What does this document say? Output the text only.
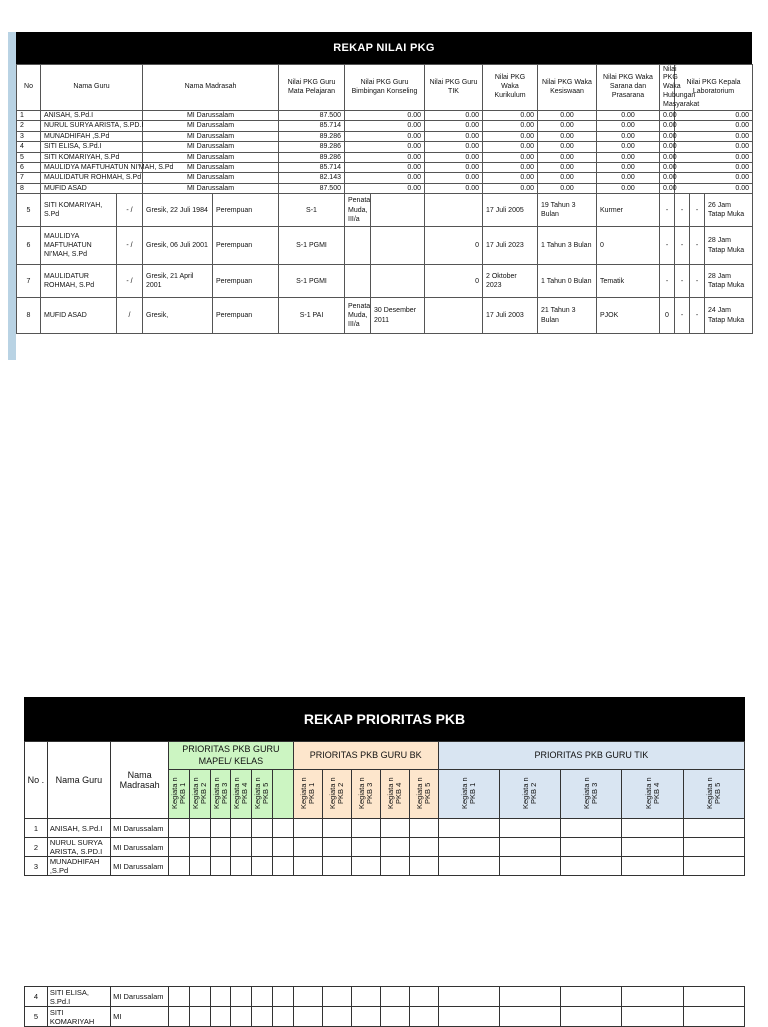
REKAP NILAI PKG
No	Nama Guru		Nama Madrasah		Nilai PKG Guru Mata Pelajaran	Nilai PKG Guru Bimbingan Konseling		Nilai PKG Guru TIK	Nilai PKG Waka Kurikulum	Nilai PKG Waka Kesiswaan	Nilai PKG Waka Sarana dan Prasarana	Nilai PKG Waka Hubungan Masyarakat	Nilai PKG Kepala Laboratorium	
1	ANISAH, S.Pd.I		MI Darussalam		87.500	0.00		0.00	0.00	0.00	0.00	0.00	0.00	
2	NURUL SURYA ARISTA, S.PD.I		MI Darussalam		85.714	0.00		0.00	0.00	0.00	0.00	0.00	0.00	
3	MUNADHIFAH ,S.Pd		MI Darussalam		89.286	0.00		0.00	0.00	0.00	0.00	0.00	0.00	
4	SITI ELISA, S.Pd.I		MI Darussalam		89.286	0.00		0.00	0.00	0.00	0.00	0.00	0.00	
5	SITI KOMARIYAH, S.Pd		MI Darussalam		89.286	0.00		0.00	0.00	0.00	0.00	0.00	0.00	
6	MAULIDYA MAFTUHATUN NI'MAH, S.Pd		MI Darussalam		85.714	0.00		0.00	0.00	0.00	0.00	0.00	0.00	
7	MAULIDATUR ROHMAH, S.Pd		MI Darussalam		82.143	0.00		0.00	0.00	0.00	0.00	0.00	0.00	
8	MUFID ASAD		MI Darussalam		87.500	0.00		0.00	0.00	0.00	0.00	0.00	0.00	
5	SITI KOMARIYAH, S.Pd	- /	Gresik, 22 Juli 1984	Perempuan	S-1	Penata Muda, III/a			17 Juli 2005	19 Tahun 3 Bulan	Kurmer	-	-	-	26 Jam Tatap Muka	
6	MAULIDYA MAFTUHATUN NI'MAH, S.Pd	- /	Gresik, 06 Juli 2001	Perempuan	S-1 PGMI			0	17 Juli 2023	1 Tahun 3 Bulan	0	-	-	-	28 Jam Tatap Muka	
7	MAULIDATUR ROHMAH, S.Pd	- /	Gresik, 21 April 2001	Perempuan	S-1 PGMI			0	2 Oktober 2023	1 Tahun 0 Bulan	Tematik	-	-	-	28 Jam Tatap Muka	
8	MUFID ASAD	/	Gresik,	Perempuan	S-1 PAI	Penata Muda, III/a	30 Desember 2011		17 Juli 2003	21 Tahun 3 Bulan	PJOK	0	-	-	24 Jam Tatap Muka	
REKAP PRIORITAS PKB
No .	Nama Guru	Nama Madrasah	PRIORITAS PKB GURU MAPEL/ KELAS						PRIORITAS PKB GURU BK					PRIORITAS PKB GURU TIK				
			Kegiata n PKB 1	Kegiata n PKB 2	Kegiata n PKB 3	Kegiata n PKB 4	Kegiata n PKB 5		Kegiata n PKB 1	Kegiata n PKB 2	Kegiata n PKB 3	Kegiata n PKB 4	Kegiata n PKB 5	Kegiata n PKB 1	Kegiata n PKB 2	Kegiata n PKB 3	Kegiata n PKB 4	Kegiata n PKB 5
1	ANISAH, S.Pd.I	MI Darussalam																
2	NURUL SURYA ARISTA, S.PD.I	MI Darussalam																
3	MUNADHIFAH ,S.Pd	MI Darussalam																
4	SITI ELISA, S.Pd.I	MI Darussalam																
5	SITI KOMARIYAH	MI																
